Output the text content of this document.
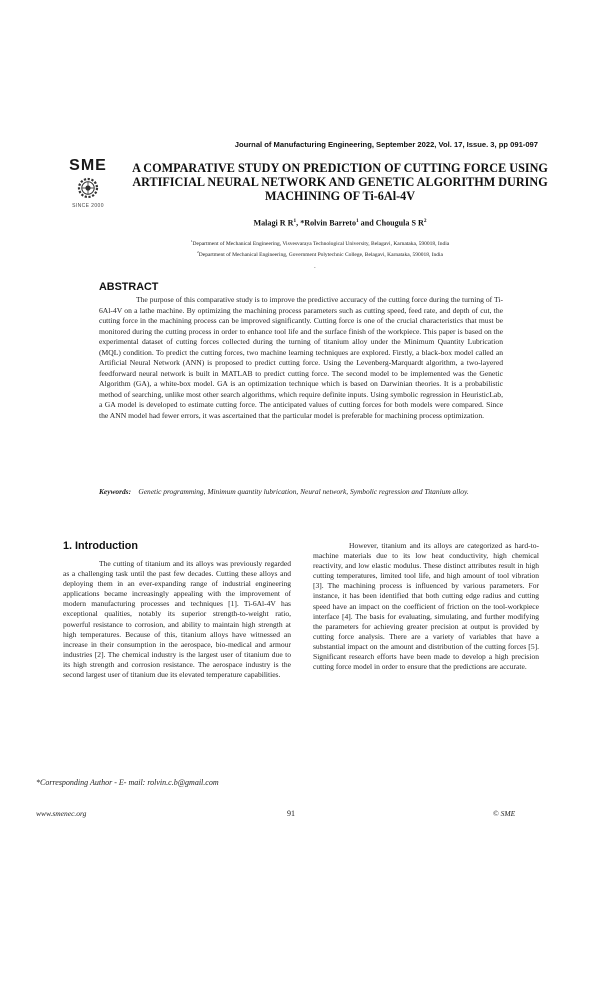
Journal of Manufacturing Engineering, September 2022, Vol. 17, Issue. 3, pp 091-097
SME
SINCE 2000
A COMPARATIVE STUDY ON PREDICTION OF CUTTING FORCE USING ARTIFICIAL NEURAL NETWORK AND GENETIC ALGORITHM DURING MACHINING OF Ti-6Al-4V
Malagi R $R^1$, *Rolvin Barreto$^1$ and Chougula S $R^2$
$^1$Department of Mechanical Engineering, Visvesvaraya Technological University, Belagavi, Karnataka, 590018, India
$^2$Department of Mechanical Engineering, Government Polytechnic College, Belagavi, Karnataka, 590018, India
.
ABSTRACT
The purpose of this comparative study is to improve the predictive accuracy of the cutting force during the turning of Ti-6Al-4V on a lathe machine. By optimizing the machining process parameters such as cutting speed, feed rate, and depth of cut, the cutting force in the machining process can be improved significantly. Cutting force is one of the crucial characteristics that must be monitored during the cutting process in order to enhance tool life and the surface finish of the workpiece. This paper is based on the experimental dataset of cutting forces collected during the turning of titanium alloy under the Minimum Quantity Lubrication (MQL) condition. To predict the cutting forces, two machine learning techniques are explored. Firstly, a black-box model called an Artificial Neural Network (ANN) is proposed to predict cutting force. Using the Levenberg-Marquardt algorithm, a two-layered feedforward neural network is built in MATLAB to predict cutting force. The second model to be implemented was the Genetic Algorithm (GA), a white-box model. GA is an optimization technique which is based on Darwinian theories. It is a probabilistic method of searching, unlike most other search algorithms, which require definite inputs. Using symbolic regression in HeuristicLab, a GA model is developed to estimate cutting force. The anticipated values of cutting forces for both models were compared. Since the ANN model had fewer errors, it was ascertained that the particular model is preferable for machining process optimization.
Keywords: Genetic programming, Minimum quantity lubrication, Neural network, Symbolic regression and Titanium alloy.
1. Introduction
The cutting of titanium and its alloys was previously regarded as a challenging task until the past few decades. Cutting these alloys and deploying them in an ever-expanding range of industrial engineering applications became increasingly appealing with the improvement of modern manufacturing processes and techniques [1]. Ti-6Al-4V has exceptional qualities, notably its superior strength-to-weight ratio, powerful resistance to corrosion, and ability to maintain high strength at high temperatures. Because of this, titanium alloys have witnessed an increase in their consumption in the aerospace, bio-medical and armour industries [2]. The chemical industry is the largest user of titanium due to its high strength and corrosion resistance. The aerospace industry is the second largest user of titanium due its elevated temperature capabilities.
However, titanium and its alloys are categorized as hard-to-machine materials due to its low heat conductivity, high chemical reactivity, and low elastic modulus. These distinct attributes result in high cutting temperatures, limited tool life, and high amount of tool vibration [3]. The machining process is influenced by various parameters. For instance, it has been identified that both cutting edge radius and cutting speed have an impact on the coefficient of friction on the tool-workpiece interface [4]. The basis for evaluating, simulating, and further modifying the parameters for achieving greater precision at output is provided by cutting force analysis. There are a variety of variables that have a substantial impact on the amount and distribution of the cutting forces [5]. Significant research efforts have been made to develop a high precision cutting force model in order to ensure that the predictions are accurate.
*Corresponding Author - E- mail: rolvin.c.b@gmail.com
www.smenec.org	91	© SME
